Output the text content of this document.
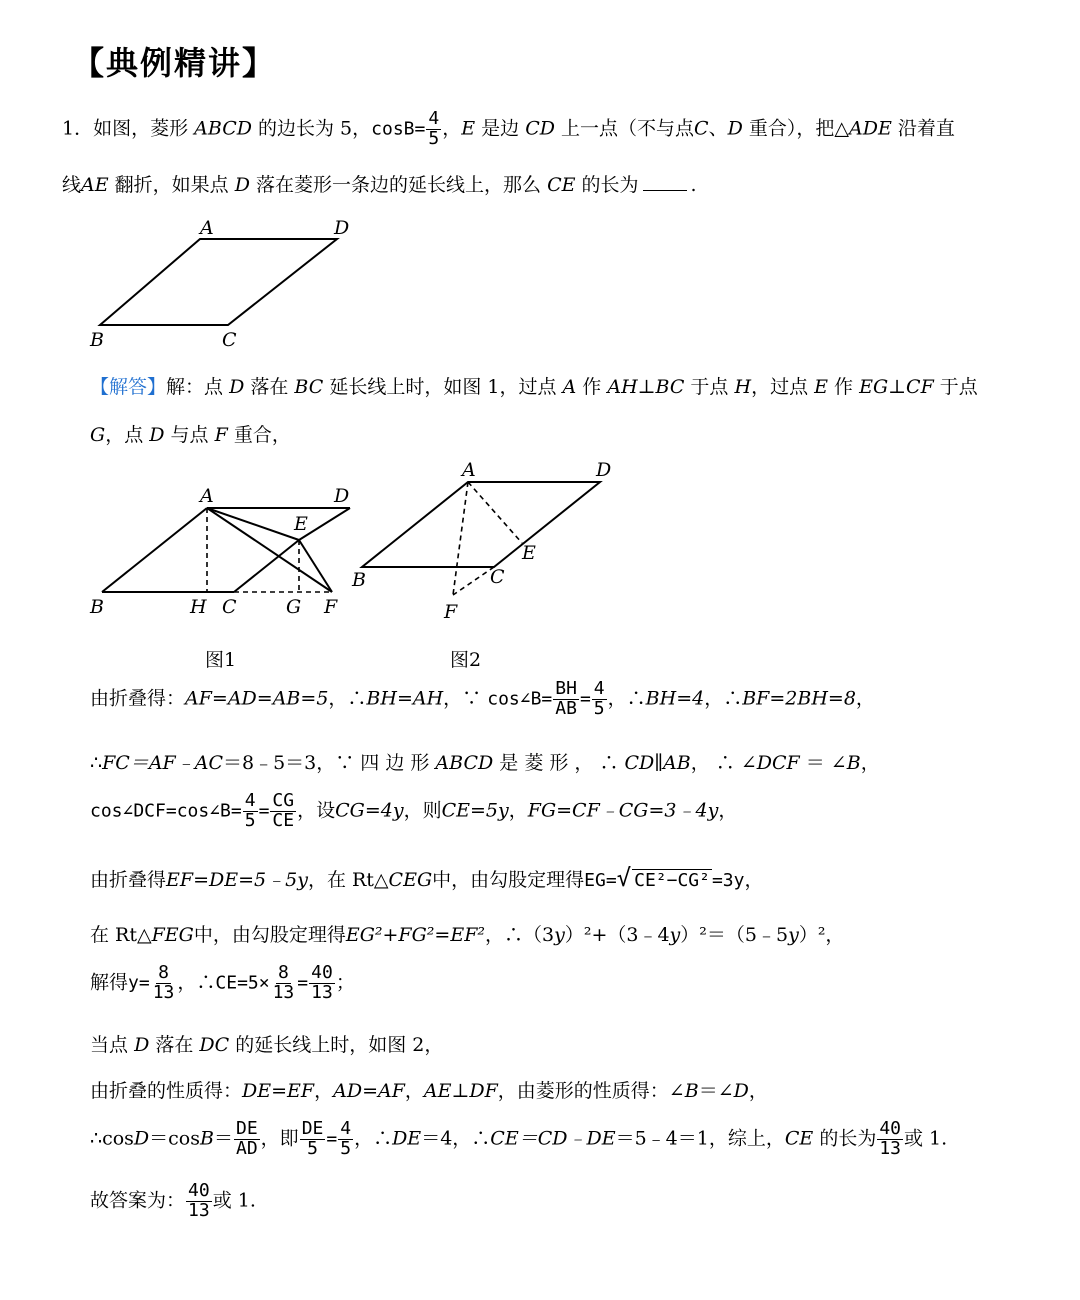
【典例精讲】
1．如图，菱形 ABCD 的边长为 5，$\cos B= \frac{4}{5}$ ，E 是边 CD 上一点（不与点C、D 重合），把△ADE 沿着直
线AE 翻折，如果点 D 落在菱形一条边的延长线上，那么 CE 的长为	.
A	D
B	C
【解答】解：点 D 落在 BC 延长线上时，如图 1，过点 A 作 AH⊥BC 于点 H，过点 E 作 EG⊥CF 于点
G，点 D 与点 F 重合，
A	D
E
B	H C	G F
图1
A	D
E
B	C
F
图2
由折叠得：AF=AD=AB=5，∴BH=AH，∵ cos∠B= $\frac{BH}{AB} = \frac{4}{5}$ ，∴BH=4，∴BF=2BH=8，
∴FC＝AF﹣AC＝8﹣5＝3，∵ 四 边 形 ABCD 是 菱 形 ， ∴ CD∥AB， ∴ ∠DCF ＝ ∠B，
cos∠DCF=cos∠B= $\frac{4}{5} = \frac{CG}{CE}$ ，设CG=4y，则CE=5y，FG=CF﹣CG=3﹣4y，
由折叠得EF=DE=5﹣5y，在 Rt△CEG中，由勾股定理得EG=√ CE²−CG² =3y，
在 Rt△FEG中，由勾股定理得EG²+FG²=EF²，∴（3y）²+（3﹣4y）²＝（5﹣5y）²，
解得$y= \frac{8}{13}$ ，∴CE=5× $\frac{8}{13} = \frac{40}{13}$ ；
当点 D 落在 DC 的延长线上时，如图 2，
由折叠的性质得：DE=EF，AD=AF，AE⊥DF，由菱形的性质得：∠B＝∠D，
∴cosD＝cosB＝ $\frac{DE}{AD}$ ，即 $\frac{DE}{5} = \frac{4}{5}$ ，∴DE＝4，∴CE＝CD﹣DE＝5﹣4＝1，综上，CE 的长为 $\frac{40}{13}$ 或 1.
故答案为： $\frac{40}{13}$ 或 1.
